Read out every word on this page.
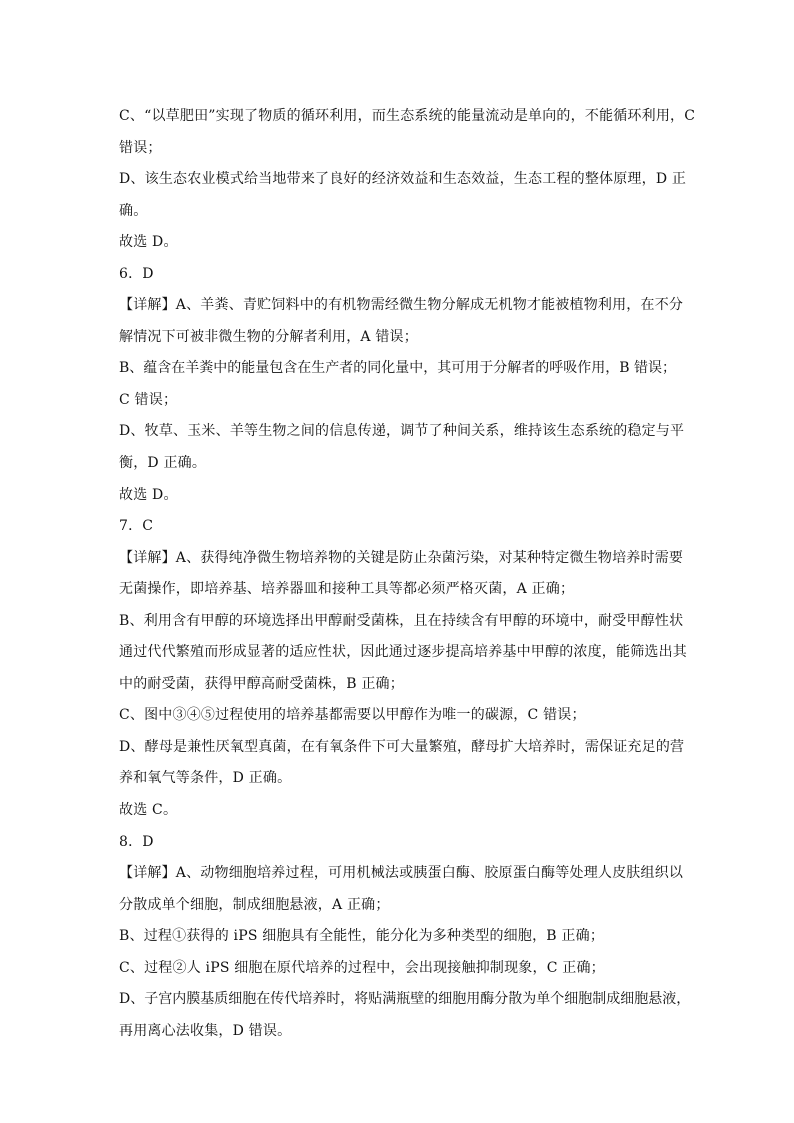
C、“以草肥田”实现了物质的循环利用，而生态系统的能量流动是单向的，不能循环利用，C
错误；
D、该生态农业模式给当地带来了良好的经济效益和生态效益，生态工程的整体原理，D 正
确。
故选 D。
6．D
【详解】A、羊粪、青贮饲料中的有机物需经微生物分解成无机物才能被植物利用，在不分
解情况下可被非微生物的分解者利用，A 错误；
B、蕴含在羊粪中的能量包含在生产者的同化量中，其可用于分解者的呼吸作用，B 错误；
C 错误；
D、牧草、玉米、羊等生物之间的信息传递，调节了种间关系，维持该生态系统的稳定与平
衡，D 正确。
故选 D。
7．C
【详解】A、获得纯净微生物培养物的关键是防止杂菌污染，对某种特定微生物培养时需要
无菌操作，即培养基、培养器皿和接种工具等都必须严格灭菌，A 正确；
B、利用含有甲醇的环境选择出甲醇耐受菌株，且在持续含有甲醇的环境中，耐受甲醇性状
通过代代繁殖而形成显著的适应性状，因此通过逐步提高培养基中甲醇的浓度，能筛选出其
中的耐受菌，获得甲醇高耐受菌株，B 正确；
C、图中③④⑤过程使用的培养基都需要以甲醇作为唯一的碳源，C 错误；
D、酵母是兼性厌氧型真菌，在有氧条件下可大量繁殖，酵母扩大培养时，需保证充足的营
养和氧气等条件，D 正确。
故选 C。
8．D
【详解】A、动物细胞培养过程，可用机械法或胰蛋白酶、胶原蛋白酶等处理人皮肤组织以
分散成单个细胞，制成细胞悬液，A 正确；
B、过程①获得的 iPS 细胞具有全能性，能分化为多种类型的细胞，B 正确；
C、过程②人 iPS 细胞在原代培养的过程中，会出现接触抑制现象，C 正确；
D、子宫内膜基质细胞在传代培养时，将贴满瓶壁的细胞用酶分散为单个细胞制成细胞悬液，
再用离心法收集，D 错误。
